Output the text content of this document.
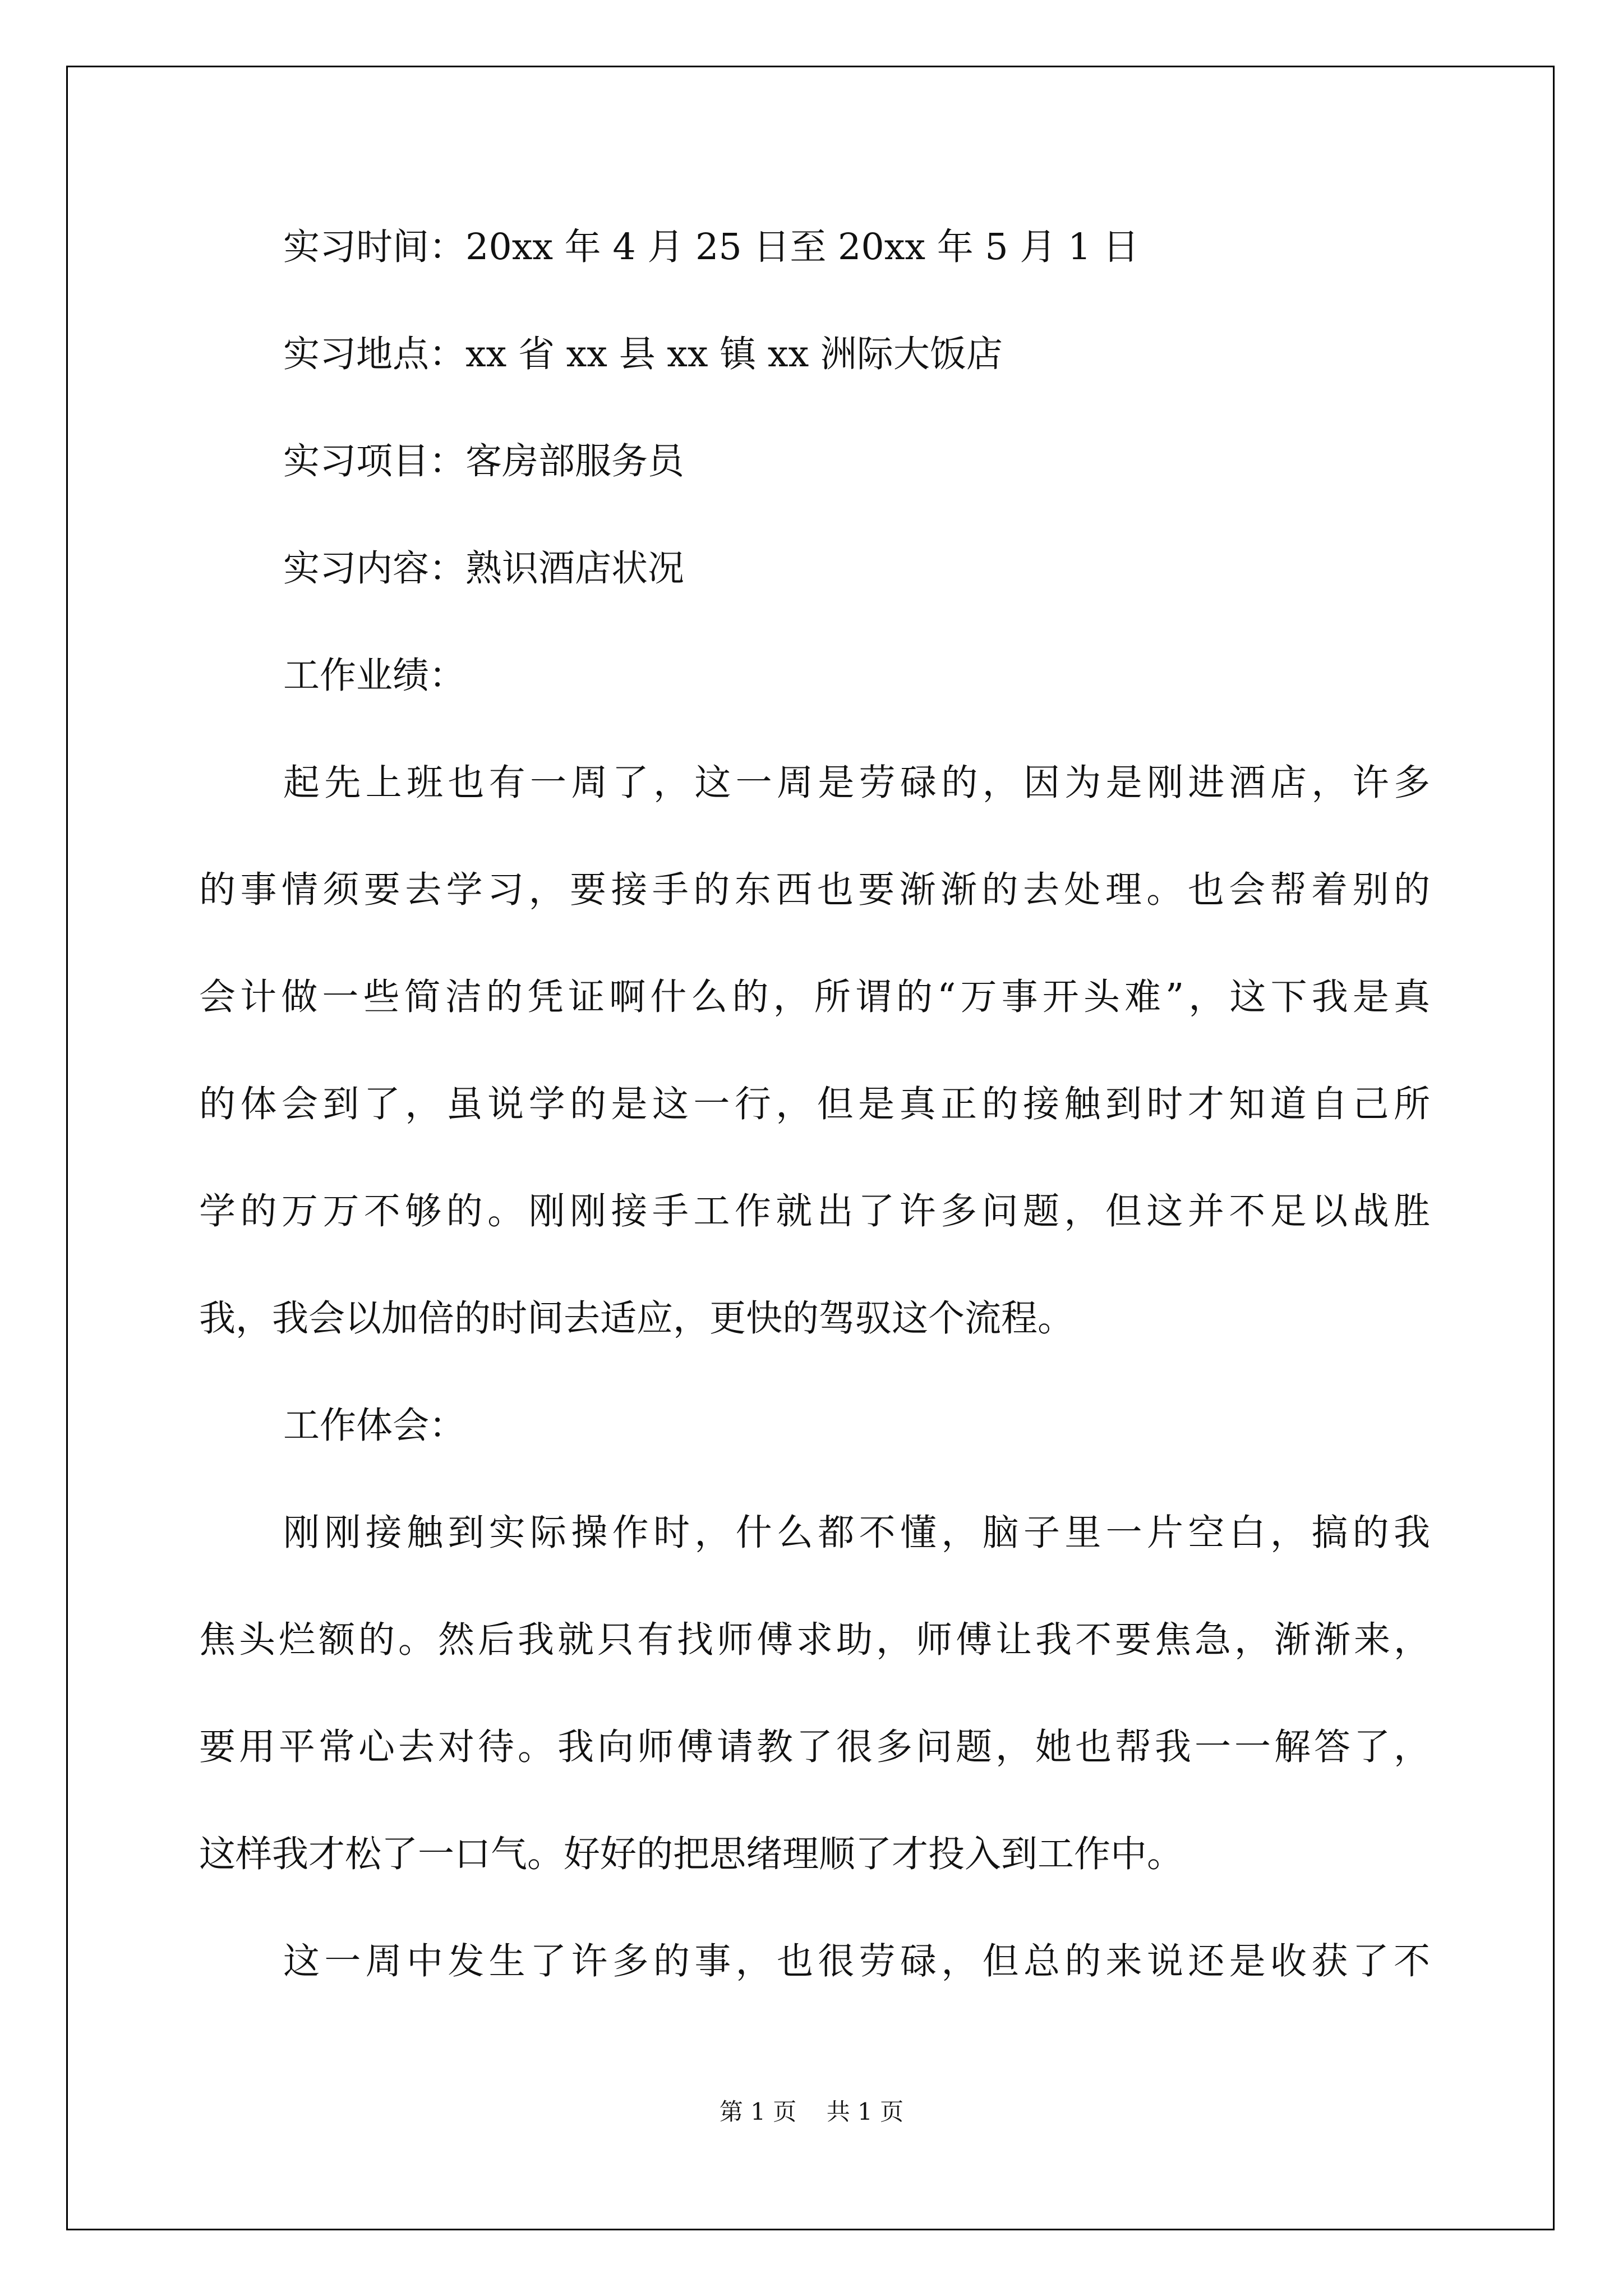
实习时间：20xx 年 4 月 25 日至 20xx 年 5 月 1 日
实习地点：xx 省 xx 县 xx 镇 xx 洲际大饭店
实习项目：客房部服务员
实习内容：熟识酒店状况
工作业绩：
起先上班也有一周了，这一周是劳碌的，因为是刚进酒店，许多
的事情须要去学习，要接手的东西也要渐渐的去处理。也会帮着别的
会计做一些简洁的凭证啊什么的，所谓的“万事开头难”，这下我是真
的体会到了，虽说学的是这一行，但是真正的接触到时才知道自己所
学的万万不够的。刚刚接手工作就出了许多问题，但这并不足以战胜
我，我会以加倍的时间去适应，更快的驾驭这个流程。
工作体会：
刚刚接触到实际操作时，什么都不懂，脑子里一片空白，搞的我
焦头烂额的。然后我就只有找师傅求助，师傅让我不要焦急，渐渐来，
要用平常心去对待。我向师傅请教了很多问题，她也帮我一一解答了，
这样我才松了一口气。好好的把思绪理顺了才投入到工作中。
这一周中发生了许多的事，也很劳碌，但总的来说还是收获了不
第 1 页    共 1 页
